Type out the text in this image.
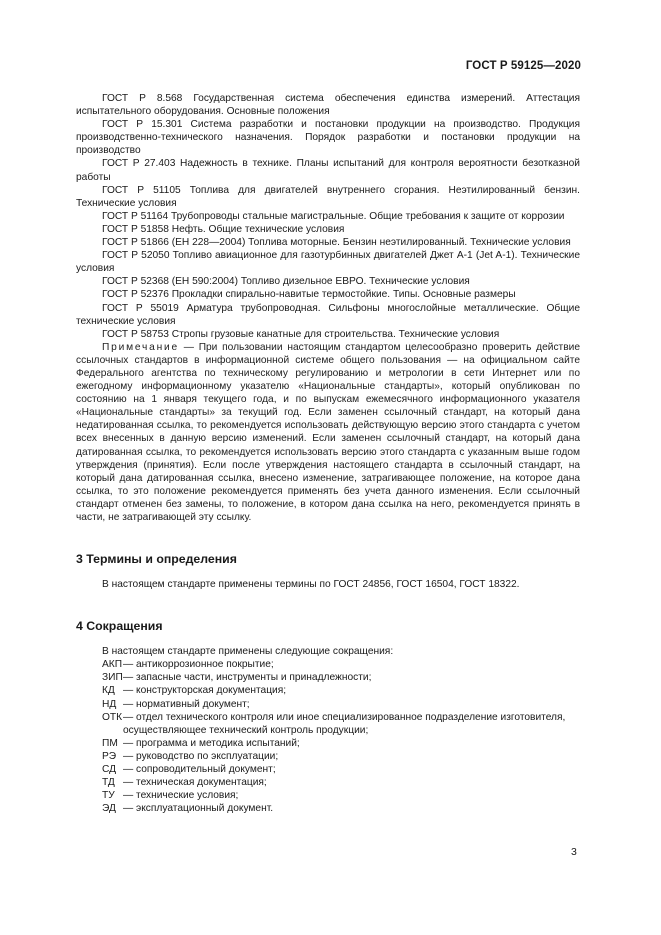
ГОСТ Р 59125—2020

ГОСТ Р 8.568 Государственная система обеспечения единства измерений. Аттестация испытательного оборудования. Основные положения

ГОСТ Р 15.301 Система разработки и постановки продукции на производство. Продукция производственно-технического назначения. Порядок разработки и постановки продукции на производство

ГОСТ Р 27.403 Надежность в технике. Планы испытаний для контроля вероятности безотказной работы

ГОСТ Р 51105 Топлива для двигателей внутреннего сгорания. Неэтилированный бензин. Технические условия

ГОСТ Р 51164 Трубопроводы стальные магистральные. Общие требования к защите от коррозии

ГОСТ Р 51858 Нефть. Общие технические условия

ГОСТ Р 51866 (ЕН 228—2004) Топлива моторные. Бензин неэтилированный. Технические условия

ГОСТ Р 52050 Топливо авиационное для газотурбинных двигателей Джет А-1 (Jet A-1). Технические условия

ГОСТ Р 52368 (ЕН 590:2004) Топливо дизельное ЕВРО. Технические условия

ГОСТ Р 52376 Прокладки спирально-навитые термостойкие. Типы. Основные размеры

ГОСТ Р 55019 Арматура трубопроводная. Сильфоны многослойные металлические. Общие технические условия

ГОСТ Р 58753 Стропы грузовые канатные для строительства. Технические условия

Примечание — При пользовании настоящим стандартом целесообразно проверить действие ссылочных стандартов в информационной системе общего пользования — на официальном сайте Федерального агентства по техническому регулированию и метрологии в сети Интернет или по ежегодному информационному указателю «Национальные стандарты», который опубликован по состоянию на 1 января текущего года, и по выпускам ежемесячного информационного указателя «Национальные стандарты» за текущий год. Если заменен ссылочный стандарт, на который дана недатированная ссылка, то рекомендуется использовать действующую версию этого стандарта с учетом всех внесенных в данную версию изменений. Если заменен ссылочный стандарт, на который дана датированная ссылка, то рекомендуется использовать версию этого стандарта с указанным выше годом утверждения (принятия). Если после утверждения настоящего стандарта в ссылочный стандарт, на который дана датированная ссылка, внесено изменение, затрагивающее положение, на которое дана ссылка, то это положение рекомендуется применять без учета данного изменения. Если ссылочный стандарт отменен без замены, то положение, в котором дана ссылка на него, рекомендуется принять в части, не затрагивающей эту ссылку.

3 Термины и определения

В настоящем стандарте применены термины по ГОСТ 24856, ГОСТ 16504, ГОСТ 18322.

4 Сокращения

В настоящем стандарте применены следующие сокращения:

АКП — антикоррозионное покрытие;
ЗИП — запасные части, инструменты и принадлежности;
КД — конструкторская документация;
НД — нормативный документ;
ОТК — отдел технического контроля или иное специализированное подразделение изготовителя, осуществляющее технический контроль продукции;
ПМ — программа и методика испытаний;
РЭ — руководство по эксплуатации;
СД — сопроводительный документ;
ТД — техническая документация;
ТУ — технические условия;
ЭД — эксплуатационный документ.
3
